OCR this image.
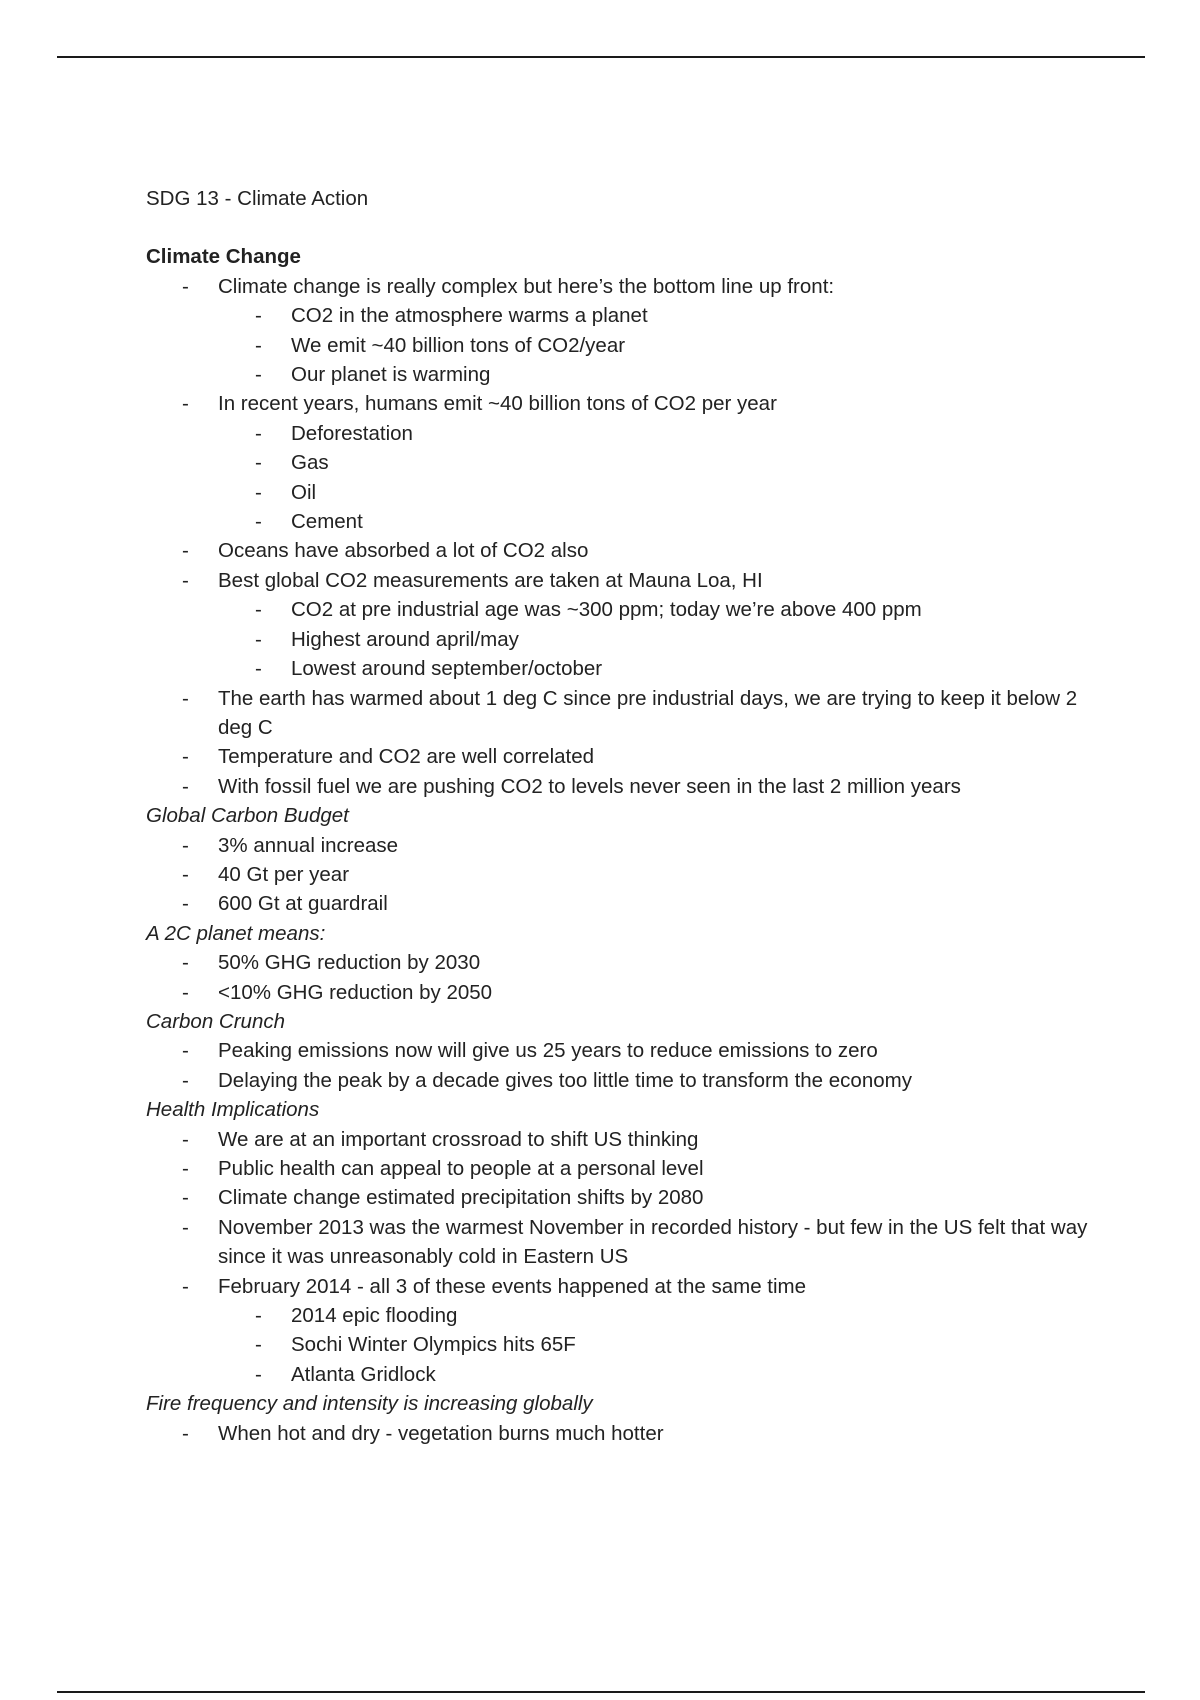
SDG 13 - Climate Action
Climate Change
- Climate change is really complex but here’s the bottom line up front:
- CO2 in the atmosphere warms a planet
- We emit ~40 billion tons of CO2/year
- Our planet is warming
- In recent years, humans emit ~40 billion tons of CO2 per year
- Deforestation
- Gas
- Oil
- Cement
- Oceans have absorbed a lot of CO2 also
- Best global CO2 measurements are taken at Mauna Loa, HI
- CO2 at pre industrial age was ~300 ppm; today we’re above 400 ppm
- Highest around april/may
- Lowest around september/october
- The earth has warmed about 1 deg C since pre industrial days, we are trying to keep it below 2 deg C
- Temperature and CO2 are well correlated
- With fossil fuel we are pushing CO2 to levels never seen in the last 2 million years
Global Carbon Budget
- 3% annual increase
- 40 Gt per year
- 600 Gt at guardrail
A 2C planet means:
- 50% GHG reduction by 2030
- <10% GHG reduction by 2050
Carbon Crunch
- Peaking emissions now will give us 25 years to reduce emissions to zero
- Delaying the peak by a decade gives too little time to transform the economy
Health Implications
- We are at an important crossroad to shift US thinking
- Public health can appeal to people at a personal level
- Climate change estimated precipitation shifts by 2080
- November 2013 was the warmest November in recorded history - but few in the US felt that way since it was unreasonably cold in Eastern US
- February 2014 - all 3 of these events happened at the same time
- 2014 epic flooding
- Sochi Winter Olympics hits 65F
- Atlanta Gridlock
Fire frequency and intensity is increasing globally
- When hot and dry - vegetation burns much hotter
